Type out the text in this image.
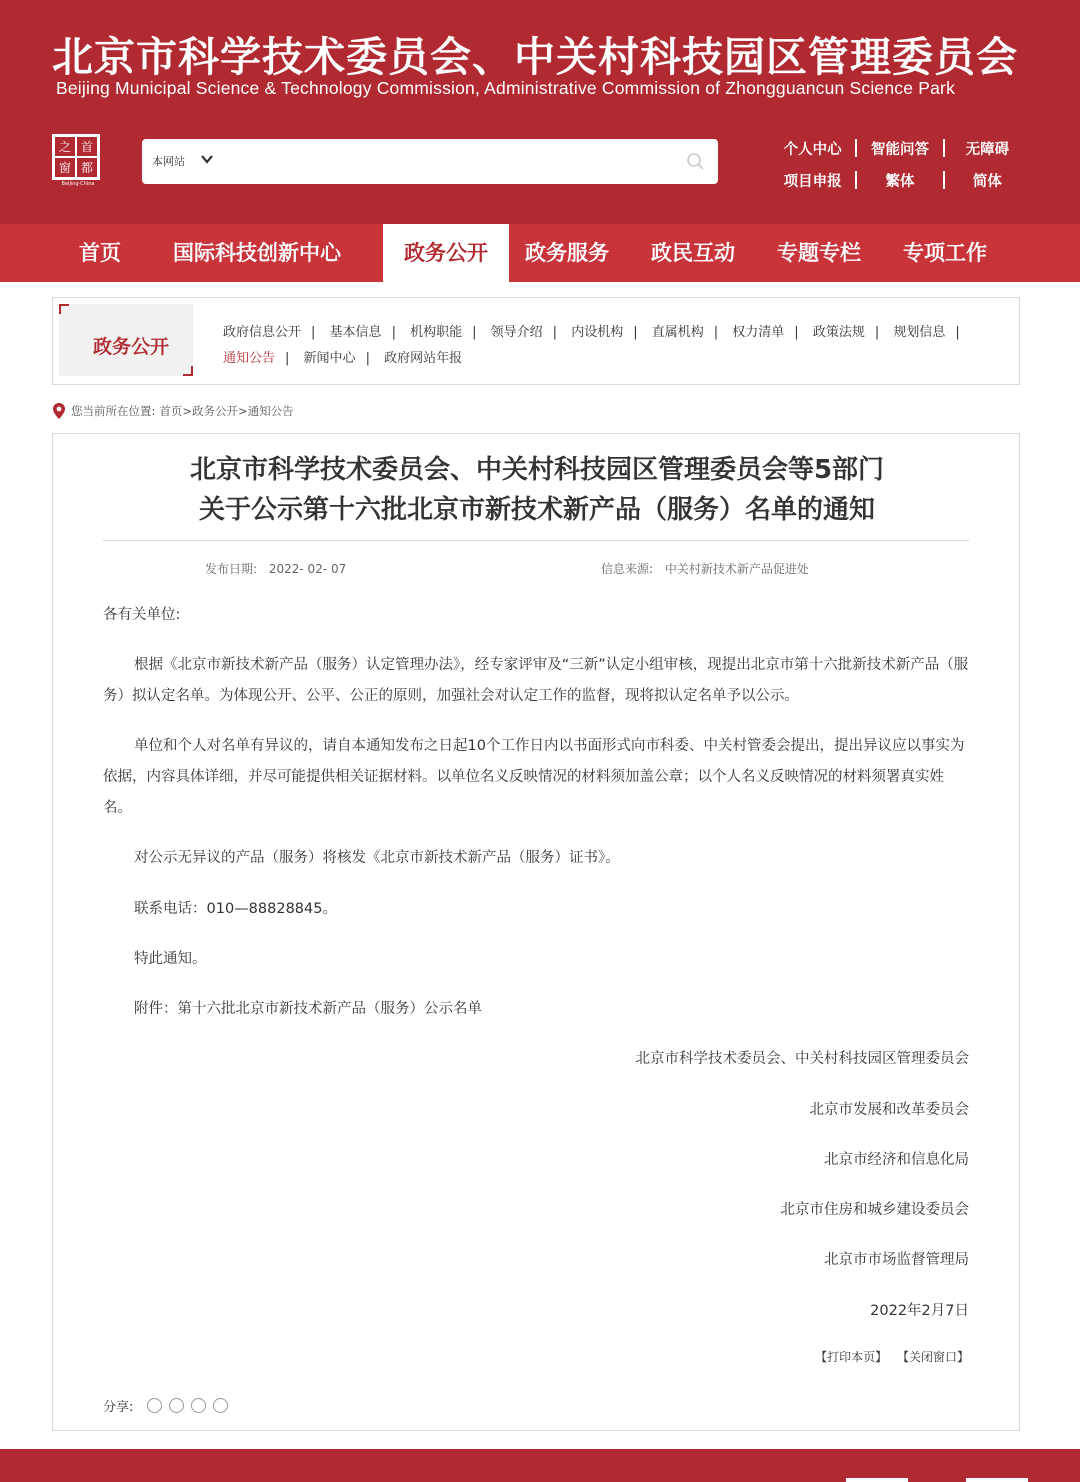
北京市科学技术委员会、中关村科技园区管理委员会
Beijing Municipal Science & Technology Commission, Administrative Commission of Zhongguancun Science Park
之 首
窗 都
Beijing·China
本网站
个人中心	智能问答	无障碍
项目申报	繁体	简体
首页 国际科技创新中心	政务公开	政务服务 政民互动 专题专栏 专项工作
政务公开
政府信息公开 | 基本信息 | 机构职能 | 领导介绍 | 内设机构 | 直属机构 | 权力清单 | 政策法规 | 规划信息 |
通知公告 | 新闻中心 | 政府网站年报
您当前所在位置: 首页 > 政务公开 > 通知公告
北京市科学技术委员会、中关村科技园区管理委员会等5部门
关于公示第十六批北京市新技术新产品（服务）名单的通知
发布日期: 2022- 02- 07	信息来源: 中关村新技术新产品促进处
各有关单位:
根据《北京市新技术新产品（服务）认定管理办法》，经专家评审及“三新”认定小组审核，现提出北京市第十六批新技术新产品（服务）拟认定名单。为体现公开、公平、公正的原则，加强社会对认定工作的监督，现将拟认定名单予以公示。
单位和个人对名单有异议的，请自本通知发布之日起10个工作日内以书面形式向市科委、中关村管委会提出，提出异议应以事实为依据，内容具体详细，并尽可能提供相关证据材料。以单位名义反映情况的材料须加盖公章；以个人名义反映情况的材料须署真实姓名。
对公示无异议的产品（服务）将核发《北京市新技术新产品（服务）证书》。
联系电话：010—88828845。
特此通知。
附件：第十六批北京市新技术新产品（服务）公示名单
北京市科学技术委员会、中关村科技园区管理委员会
北京市发展和改革委员会
北京市经济和信息化局
北京市住房和城乡建设委员会
北京市市场监督管理局
2022年2月7日
【打印本页】 【关闭窗口】
分享:
